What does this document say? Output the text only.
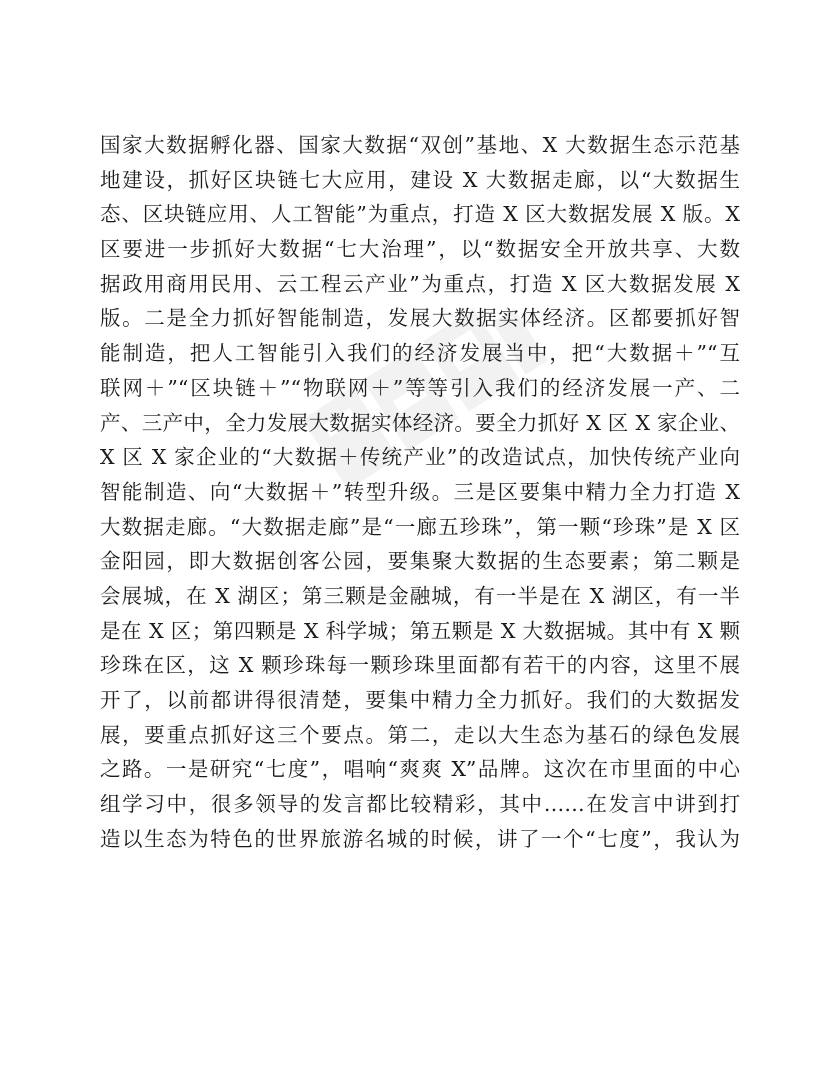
国家大数据孵化器、国家大数据“双创”基地、X 大数据生态示范基
地建设，抓好区块链七大应用，建设 X 大数据走廊，以“大数据生
态、区块链应用、人工智能”为重点，打造 X 区大数据发展 X 版。X
区要进一步抓好大数据“七大治理”，以“数据安全开放共享、大数
据政用商用民用、云工程云产业”为重点，打造 X 区大数据发展 X
版。二是全力抓好智能制造，发展大数据实体经济。区都要抓好智
能制造，把人工智能引入我们的经济发展当中，把“大数据＋”“互
联网＋”“区块链＋”“物联网＋”等等引入我们的经济发展一产、二
产、三产中，全力发展大数据实体经济。要全力抓好 X 区 X 家企业、
X 区 X 家企业的“大数据＋传统产业”的改造试点，加快传统产业向
智能制造、向“大数据＋”转型升级。三是区要集中精力全力打造 X
大数据走廊。“大数据走廊”是“一廊五珍珠”，第一颗“珍珠”是 X 区
金阳园，即大数据创客公园，要集聚大数据的生态要素；第二颗是
会展城，在 X 湖区；第三颗是金融城，有一半是在 X 湖区，有一半
是在 X 区；第四颗是 X 科学城；第五颗是 X 大数据城。其中有 X 颗
珍珠在区，这 X 颗珍珠每一颗珍珠里面都有若干的内容，这里不展
开了，以前都讲得很清楚，要集中精力全力抓好。我们的大数据发
展，要重点抓好这三个要点。第二，走以大生态为基石的绿色发展
之路。一是研究“七度”，唱响“爽爽 X”品牌。这次在市里面的中心
组学习中，很多领导的发言都比较精彩，其中……在发言中讲到打
造以生态为特色的世界旅游名城的时候，讲了一个“七度”，我认为
